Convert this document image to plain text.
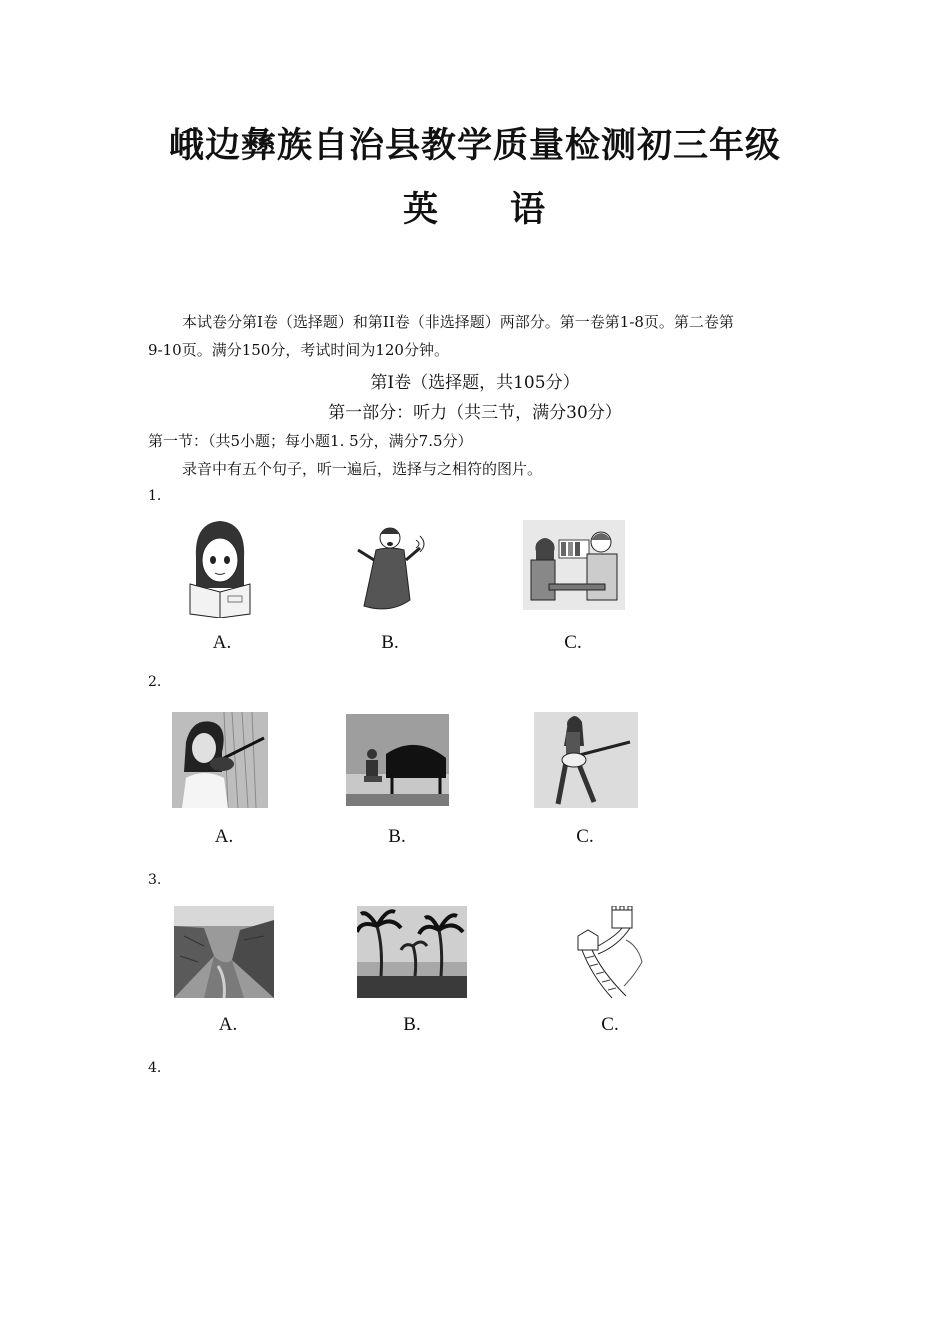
峨边彝族自治县教学质量检测初三年级
英 语
本试卷分第Ⅰ卷（选择题）和第II卷（非选择题）两部分。第一卷第1-8页。第二卷第
9-10页。满分150分，考试时间为120分钟。
第Ⅰ卷（选择题，共105分）
第一部分：听力（共三节，满分30分）
第一节：（共5小题；每小题1. 5分，满分7.5分）
录音中有五个句子，听一遍后，选择与之相符的图片。
1.
A.	B.	C.
2.
A.	B.	C.
3.
A.	B.	C.
4.
